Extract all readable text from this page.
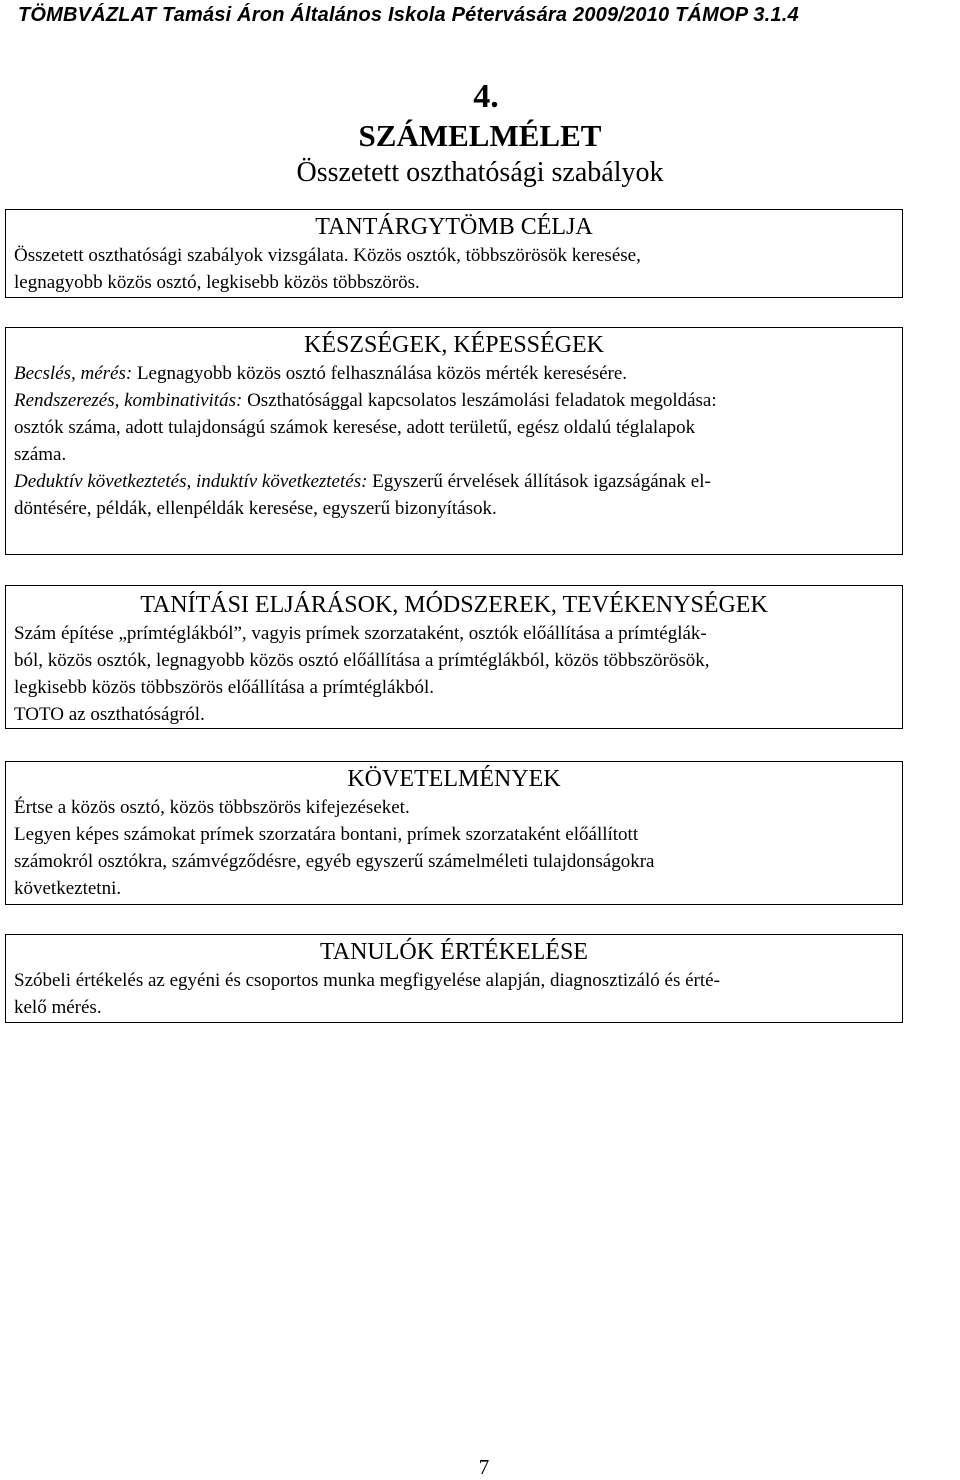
TÖMBVÁZLAT Tamási Áron Általános Iskola Pétervására 2009/2010 TÁMOP 3.1.4
4.
SZÁMELMÉLET
Összetett oszthatósági szabályok
TANTÁRGYTÖMB CÉLJA

Összetett oszthatósági szabályok vizsgálata. Közös osztók, többszörösök keresése,

legnagyobb közös osztó, legkisebb közös többszörös.

KÉSZSÉGEK, KÉPESSÉGEK

Becslés, mérés: Legnagyobb közös osztó felhasználása közös mérték keresésére.

Rendszerezés, kombinativitás: Oszthatósággal kapcsolatos leszámolási feladatok megoldása:

osztók száma, adott tulajdonságú számok keresése, adott területű, egész oldalú téglalapok

száma.

Deduktív következtetés, induktív következtetés: Egyszerű érvelések állítások igazságának el-

döntésére, példák, ellenpéldák keresése, egyszerű bizonyítások.

TANÍTÁSI ELJÁRÁSOK, MÓDSZEREK, TEVÉKENYSÉGEK

Szám építése „prímtéglákból”, vagyis prímek szorzataként, osztók előállítása a prímtéglák-

ból, közös osztók, legnagyobb közös osztó előállítása a prímtéglákból, közös többszörösök,

legkisebb közös többszörös előállítása a prímtéglákból.

TOTO az oszthatóságról.

KÖVETELMÉNYEK

Értse a közös osztó, közös többszörös kifejezéseket.

Legyen képes számokat prímek szorzatára bontani, prímek szorzataként előállított

számokról osztókra, számvégződésre, egyéb egyszerű számelméleti tulajdonságokra

következtetni.

TANULÓK ÉRTÉKELÉSE

Szóbeli értékelés az egyéni és csoportos munka megfigyelése alapján, diagnosztizáló és érté-

kelő mérés.

7
